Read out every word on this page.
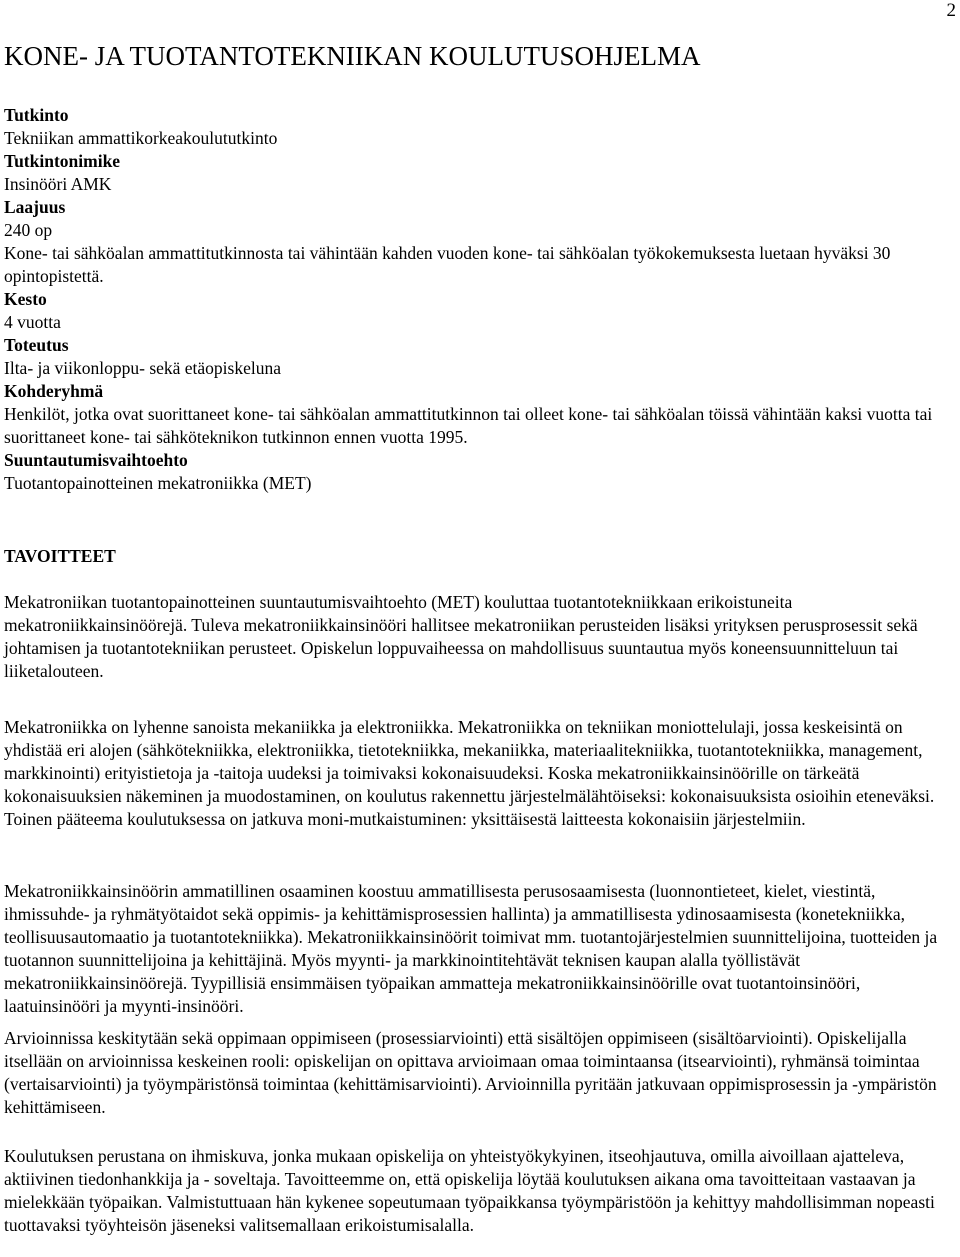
2
KONE- JA TUOTANTOTEKNIIKAN KOULUTUSOHJELMA
Tutkinto
Tekniikan ammattikorkeakoulututkinto
Tutkintonimike
Insinööri AMK
Laajuus
240 op
Kone- tai sähköalan ammattitutkinnosta tai vähintään kahden vuoden kone- tai sähköalan työkokemuksesta luetaan hyväksi 30 opintopistettä.
Kesto
4 vuotta
Toteutus
Ilta- ja viikonloppu- sekä etäopiskeluna
Kohderyhmä
Henkilöt, jotka ovat suorittaneet kone- tai sähköalan ammattitutkinnon tai olleet kone- tai sähköalan töissä vähintään kaksi vuotta tai suorittaneet kone- tai sähköteknikon tutkinnon ennen vuotta 1995.
Suuntautumisvaihtoehto
Tuotantopainotteinen mekatroniikka (MET)
TAVOITTEET

Mekatroniikan tuotantopainotteinen suuntautumisvaihtoehto (MET) kouluttaa tuotantotekniikkaan erikoistuneita mekatroniikkainsinöörejä. Tuleva mekatroniikkainsinööri hallitsee mekatroniikan perusteiden lisäksi yrityksen perusprosessit sekä johtamisen ja tuotantotekniikan perusteet. Opiskelun loppuvaiheessa on mahdollisuus suuntautua myös koneensuunnitteluun tai liiketalouteen.

Mekatroniikka on lyhenne sanoista mekaniikka ja elektroniikka. Mekatroniikka on tekniikan moniottelulaji, jossa keskeisintä on yhdistää eri alojen (sähkötekniikka, elektroniikka, tietotekniikka, mekaniikka, materiaalitekniikka, tuotantotekniikka, management, markkinointi) erityistietoja ja -taitoja uudeksi ja toimivaksi kokonaisuudeksi. Koska mekatroniikkainsinöörille on tärkeätä kokonaisuuksien näkeminen ja muodostaminen, on koulutus rakennettu järjestelmälähtöiseksi: kokonaisuuksista osioihin eteneväksi. Toinen pääteema koulutuksessa on jatkuva moni-mutkaistuminen: yksittäisestä laitteesta kokonaisiin järjestelmiin.

Mekatroniikkainsinöörin ammatillinen osaaminen koostuu ammatillisesta perusosaamisesta (luonnontieteet, kielet, viestintä, ihmissuhde- ja ryhmätyötaidot sekä oppimis- ja kehittämisprosessien hallinta) ja ammatillisesta ydinosaamisesta (konetekniikka, teollisuusautomaatio ja tuotantotekniikka). Mekatroniikkainsinöörit toimivat mm. tuotantojärjestelmien suunnittelijoina, tuotteiden ja tuotannon suunnittelijoina ja kehittäjinä. Myös myynti- ja markkinointitehtävät teknisen kaupan alalla työllistävät mekatroniikkainsinöörejä. Tyypillisiä ensimmäisen työpaikan ammatteja mekatroniikkainsinöörille ovat tuotantoinsinööri, laatuinsinööri ja myynti-insinööri.

Arvioinnissa keskitytään sekä oppimaan oppimiseen (prosessiarviointi) että sisältöjen oppimiseen (sisältöarviointi). Opiskelijalla itsellään on arvioinnissa keskeinen rooli: opiskelijan on opittava arvioimaan omaa toimintaansa (itsearviointi), ryhmänsä toimintaa (vertaisarviointi) ja työympäristönsä toimintaa (kehittämisarviointi). Arvioinnilla pyritään jatkuvaan oppimisprosessin ja -ympäristön kehittämiseen.

Koulutuksen perustana on ihmiskuva, jonka mukaan opiskelija on yhteistyökykyinen, itseohjautuva, omilla aivoillaan ajatteleva, aktiivinen tiedonhankkija ja - soveltaja. Tavoitteemme on, että opiskelija löytää koulutuksen aikana oma tavoitteitaan vastaavan ja mielekkään työpaikan. Valmistuttuaan hän kykenee sopeutumaan työpaikkansa työympäristöön ja kehittyy mahdollisimman nopeasti tuottavaksi työyhteisön jäseneksi valitsemallaan erikoistumisalalla.
